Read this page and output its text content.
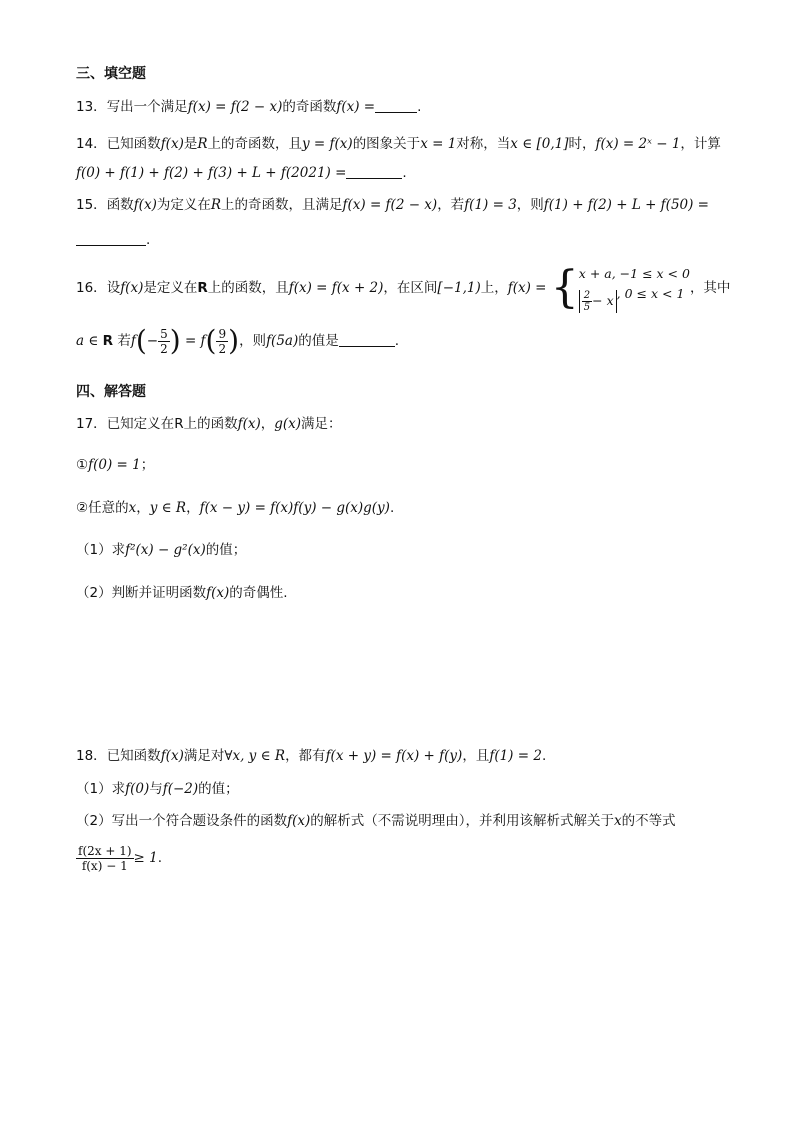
三、填空题
13．写出一个满足f(x) = f(2 − x)的奇函数f(x) =	.
14．已知函数f(x)是R上的奇函数，且y = f(x)的图象关于x = 1对称，当x ∈ [0,1]时，f(x) = 2ˣ − 1，计算
f(0) + f(1) + f(2) + f(3) + L + f(2021) =	.
15．函数f(x)为定义在R上的奇函数，且满足f(x) = f(2 − x)，若f(1) = 3，则f(1) + f(2) + L + f(50) =
.
16．设f(x)是定义在R上的函数，且f(x) = f(x + 2)，在区间[−1,1)上，f(x) = { x + a, −1 ≤ x < 0
$\frac{2}{5} - x$ , 0 ≤ x < 1 ，其中
a ∈ R 若$f(- \frac{5}{2}$ ) = $f( \frac{9}{2}$ )，则f(5a)的值是	.
四、解答题
17．已知定义在R上的函数f(x)，g(x)满足：
①f(0) = 1；
②任意的x，y ∈ R，f(x − y) = f(x)f(y) − g(x)g(y).
（1）求f²(x) − g²(x)的值；
（2）判断并证明函数f(x)的奇偶性.
18．已知函数f(x)满足对∀x, y ∈ R，都有f(x + y) = f(x) + f(y)，且f(1) = 2.
（1）求f(0)与f(−2)的值；
（2）写出一个符合题设条件的函数f(x)的解析式（不需说明理由），并利用该解析式解关于x的不等式
$\frac{f(2x + 1)}{f(x) - 1} \ge 1$.
